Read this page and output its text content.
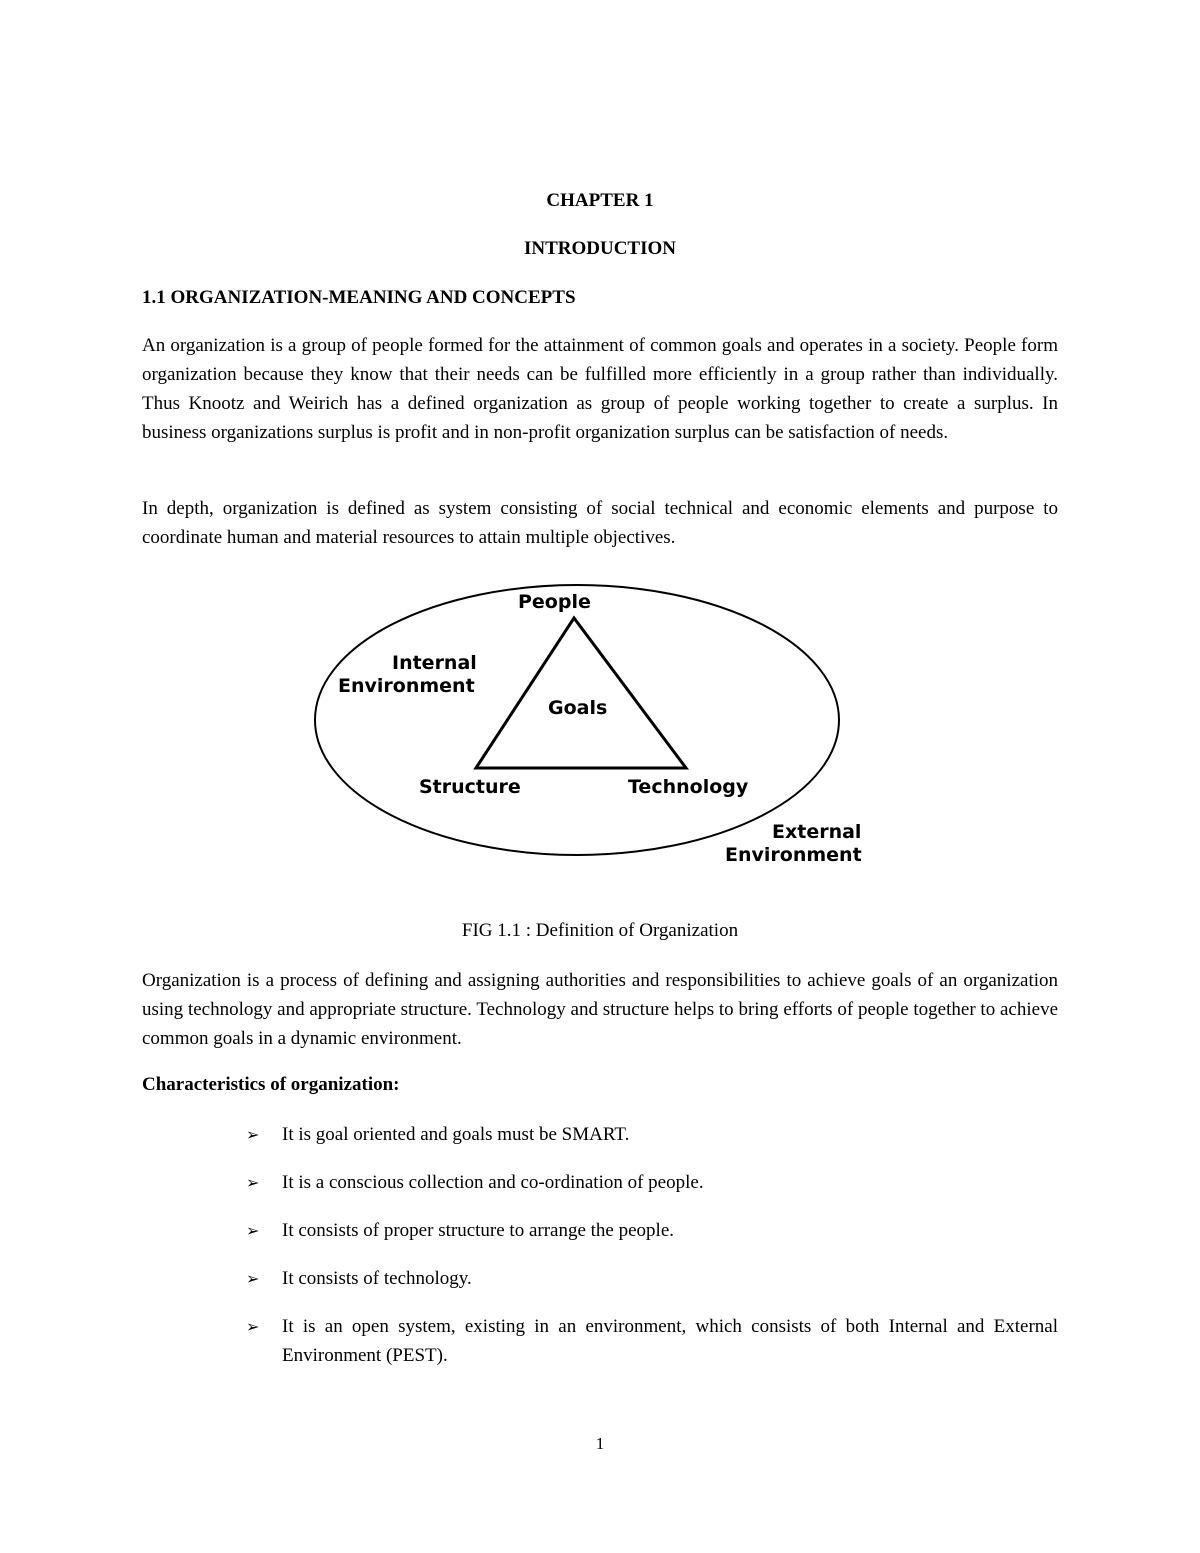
CHAPTER 1
INTRODUCTION
1.1 ORGANIZATION-MEANING AND CONCEPTS
An organization is a group of people formed for the attainment of common goals and operates in a society. People form organization because they know that their needs can be fulfilled more efficiently in a group rather than individually. Thus Knootz and Weirich has a defined organization as group of people working together to create a surplus. In business organizations surplus is profit and in non-profit organization surplus can be satisfaction of needs.
In depth, organization is defined as system consisting of social technical and economic elements and purpose to coordinate human and material resources to attain multiple objectives.
People
Goals
Structure	Technology
Internal
Environment
External
Environment
FIG 1.1 : Definition of Organization
Organization is a process of defining and assigning authorities and responsibilities to achieve goals of an organization using technology and appropriate structure. Technology and structure helps to bring efforts of people together to achieve common goals in a dynamic environment.
Characteristics of organization:
➢ It is goal oriented and goals must be SMART.
➢ It is a conscious collection and co-ordination of people.
➢ It consists of proper structure to arrange the people.
➢ It consists of technology.
➢ It is an open system, existing in an environment, which consists of both Internal and External Environment (PEST).
1
